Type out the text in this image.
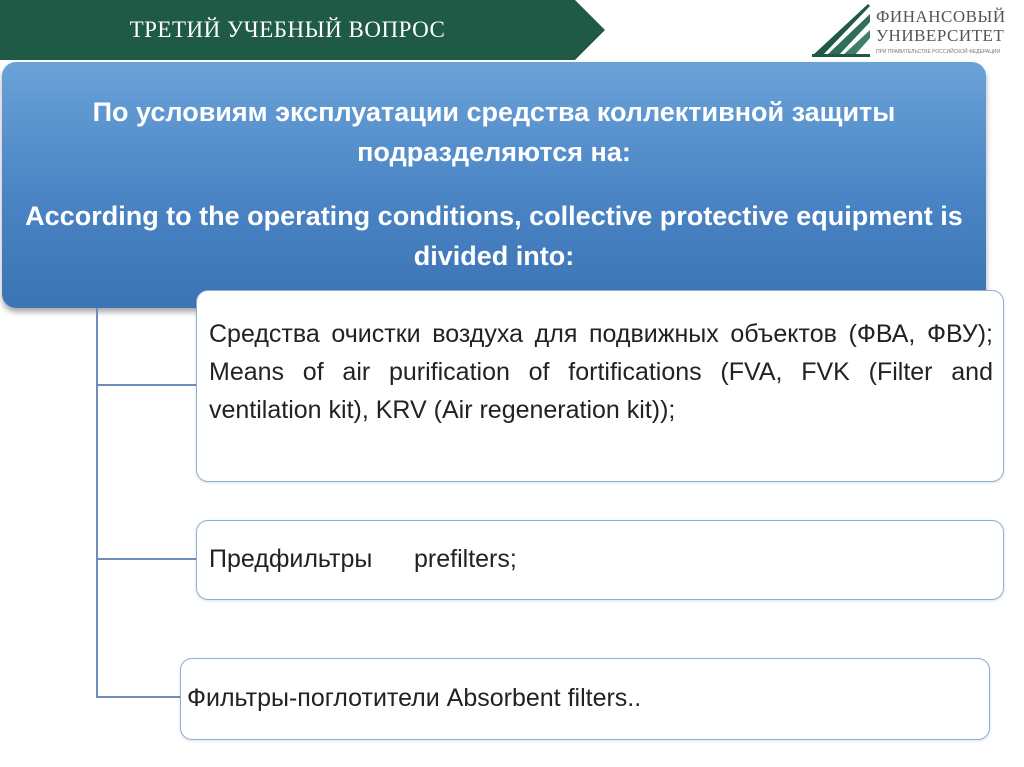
ТРЕТИЙ УЧЕБНЫЙ ВОПРОС
ФИНАНСОВЫЙ
УНИВЕРСИТЕТ
ПРИ ПРАВИТЕЛЬСТВЕ РОССИЙСКОЙ ФЕДЕРАЦИИ
По условиям эксплуатации средства коллективной защиты подразделяются на:
According to the operating conditions, collective protective equipment is divided into:
Средства очистки воздуха для подвижных объектов (ФВА, ФВУ); Means of air purification of fortifications (FVA, FVK (Filter and ventilation kit), KRV (Air regeneration kit));
Предфильтры      prefilters;
Фильтры-поглотители Absorbent filters..
